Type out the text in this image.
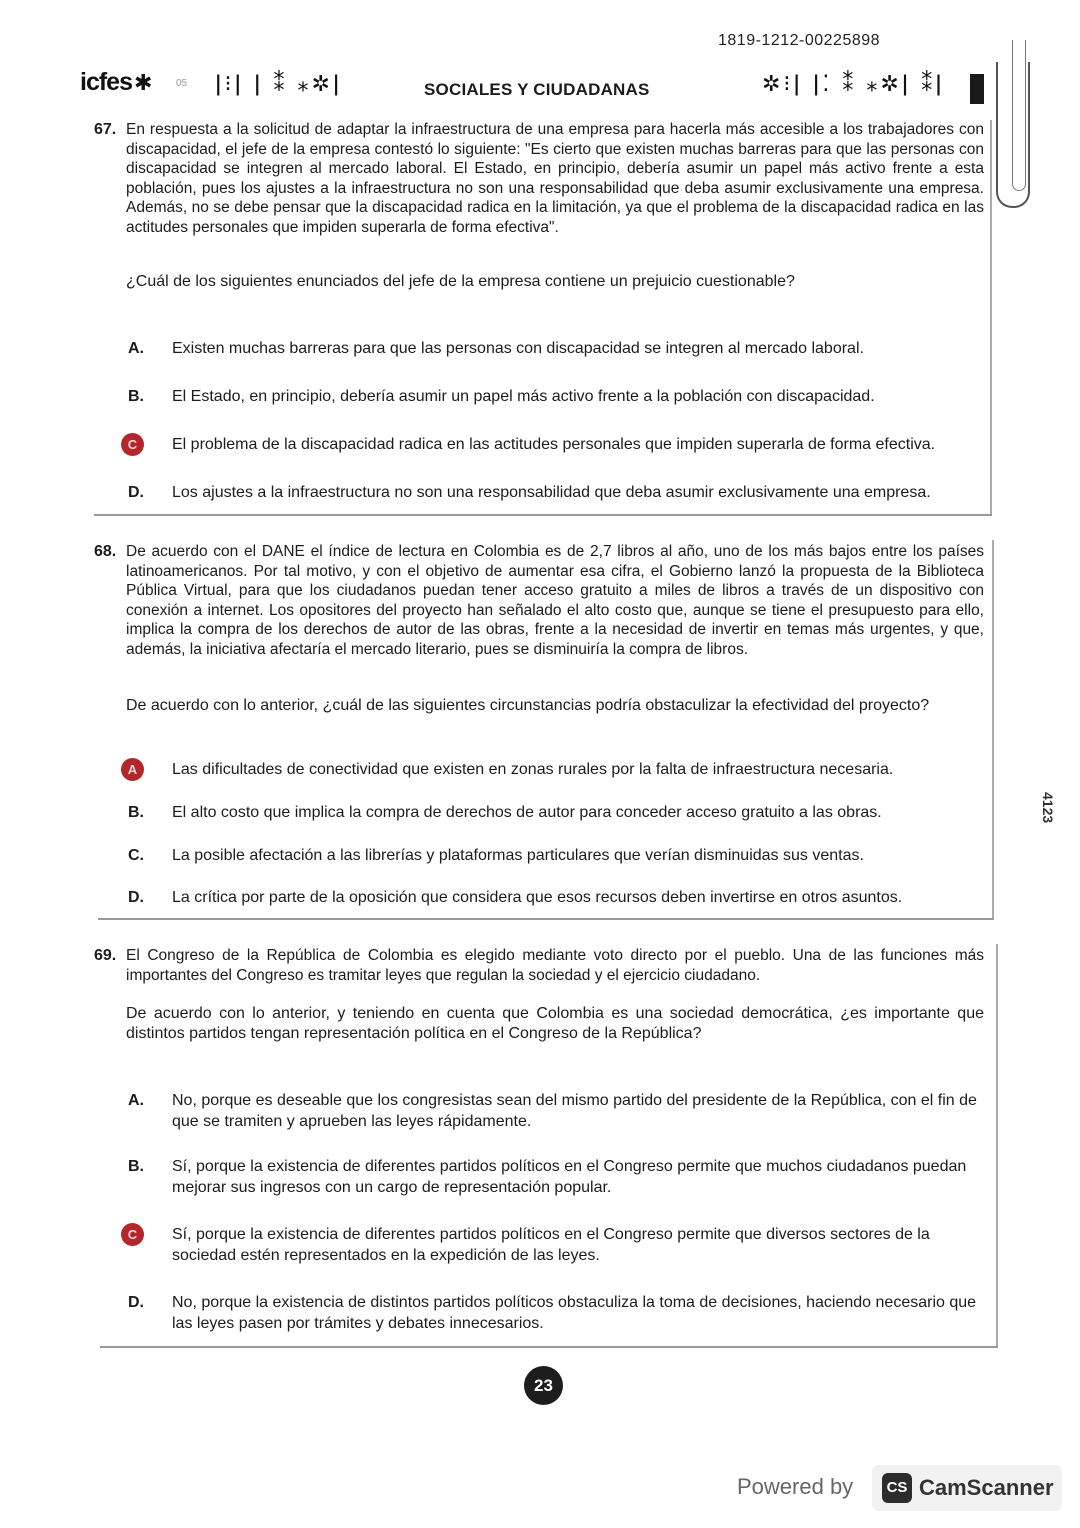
1819-1212-00225898
icfes✱ 05 ǀ⁝ǀ ǀ ⁑ ⁎✲ǀ	SOCIALES Y CIUDADANAS	✲⁝ǀ ǀ⁚ ⁑ ⁎✲ǀ ⁑ǀ
67. En respuesta a la solicitud de adaptar la infraestructura de una empresa para hacerla más accesible a los trabajadores con discapacidad, el jefe de la empresa contestó lo siguiente: "Es cierto que existen muchas barreras para que las personas con discapacidad se integren al mercado laboral. El Estado, en principio, debería asumir un papel más activo frente a esta población, pues los ajustes a la infraestructura no son una responsabilidad que deba asumir exclusivamente una empresa. Además, no se debe pensar que la discapacidad radica en la limitación, ya que el problema de la discapacidad radica en las actitudes personales que impiden superarla de forma efectiva".
¿Cuál de los siguientes enunciados del jefe de la empresa contiene un prejuicio cuestionable?
A. Existen muchas barreras para que las personas con discapacidad se integren al mercado laboral.
B. El Estado, en principio, debería asumir un papel más activo frente a la población con discapacidad.
C	El problema de la discapacidad radica en las actitudes personales que impiden superarla de forma efectiva.
D. Los ajustes a la infraestructura no son una responsabilidad que deba asumir exclusivamente una empresa.
68. De acuerdo con el DANE el índice de lectura en Colombia es de 2,7 libros al año, uno de los más bajos entre los países latinoamericanos. Por tal motivo, y con el objetivo de aumentar esa cifra, el Gobierno lanzó la propuesta de la Biblioteca Pública Virtual, para que los ciudadanos puedan tener acceso gratuito a miles de libros a través de un dispositivo con conexión a internet. Los opositores del proyecto han señalado el alto costo que, aunque se tiene el presupuesto para ello, implica la compra de los derechos de autor de las obras, frente a la necesidad de invertir en temas más urgentes, y que, además, la iniciativa afectaría el mercado literario, pues se disminuiría la compra de libros.
De acuerdo con lo anterior, ¿cuál de las siguientes circunstancias podría obstaculizar la efectividad del proyecto?
A	Las dificultades de conectividad que existen en zonas rurales por la falta de infraestructura necesaria.
B. El alto costo que implica la compra de derechos de autor para conceder acceso gratuito a las obras.
C. La posible afectación a las librerías y plataformas particulares que verían disminuidas sus ventas.
D. La crítica por parte de la oposición que considera que esos recursos deben invertirse en otros asuntos.
69. El Congreso de la República de Colombia es elegido mediante voto directo por el pueblo. Una de las funciones más importantes del Congreso es tramitar leyes que regulan la sociedad y el ejercicio ciudadano.
De acuerdo con lo anterior, y teniendo en cuenta que Colombia es una sociedad democrática, ¿es importante que distintos partidos tengan representación política en el Congreso de la República?
A. No, porque es deseable que los congresistas sean del mismo partido del presidente de la República, con el fin de que se tramiten y aprueben las leyes rápidamente.
B. Sí, porque la existencia de diferentes partidos políticos en el Congreso permite que muchos ciudadanos puedan mejorar sus ingresos con un cargo de representación popular.
C	Sí, porque la existencia de diferentes partidos políticos en el Congreso permite que diversos sectores de la sociedad estén representados en la expedición de las leyes.
D. No, porque la existencia de distintos partidos políticos obstaculiza la toma de decisiones, haciendo necesario que las leyes pasen por trámites y debates innecesarios.
23
4123
Powered by	CS CamScanner
